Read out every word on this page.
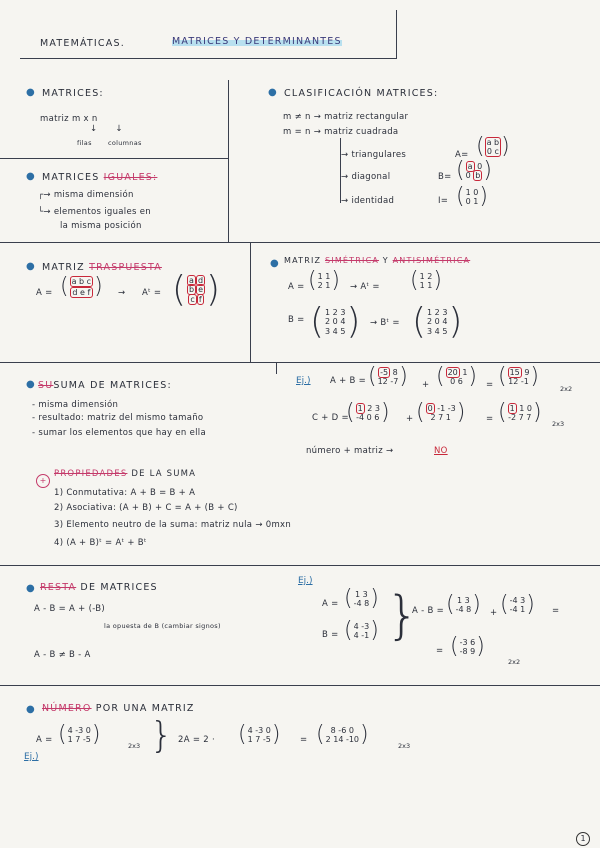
MATEMÁTICAS.	MATRICES Y DETERMINANTES
● MATRICES:
matriz m x n
↓      ↓
filas columnas
● CLASIFICACIÓN MATRICES:
m ≠ n → matriz rectangular
m = n → matriz cuadrada
→ triangulares	A= ( a b
0 c )
→ diagonal	B= ( a 0
0 b )
→ identidad	I= ( 1 0
0 1 )
● MATRICES IGUALES:
┌→ misma dimensión
└→ elementos iguales en
la misma posición
● MATRIZ TRASPUESTA
A = ( a b c
d e f ) → Aᵗ = ( a d
b e
c f )
● MATRIZ SIMÉTRICA Y ANTISIMÉTRICA
A = ( 1 1
2 1 ) → Aᵗ = ( 1 2
1 1 )
B = ( 1 2 3
2 0 4
3 4 5 ) → Bᵗ = ( 1 2 3
2 0 4
3 4 5 )
● SUSUMA DE MATRICES:
- misma dimensión
- resultado: matriz del mismo tamaño
- sumar los elementos que hay en ella
Ej.) A + B = ( -5 8
12 -7 ) + ( 20 1
0 6 ) = ( 15 9
12 -1 )	2x2
C + D =
( 1 2 3
-4 0 6 ) + ( 0 -1 -3
2 7 1 ) = ( 1 1 0
-2 7 7 ) 2x3
número + matriz →	NO
+
PROPIEDADES DE LA SUMA
1) Conmutativa: A + B = B + A
2) Asociativa: (A + B) + C = A + (B + C)
3) Elemento neutro de la suma: matriz nula → 0mxn
4) (A + B)ᵗ = Aᵗ + Bᵗ
● RESTA DE MATRICES
A - B = A + (-B)
la opuesta de B (cambiar signos)
A - B ≠ B - A
Ej.)
A = ( 1 3
-4 8 )
B = ( 4 -3
4 -1 ) }
A - B = ( 1 3
-4 8 ) + ( -4 3
-4 1 ) =
= ( -3 6
-8 9 )
2x2
● NÚMERO POR UNA MATRIZ
A = ( 4 -3 0
1 7 -5 )	2x3 } 2A = 2 · ( 4 -3 0
1 7 -5 ) = ( 8 -6 0
2 14 -10 )	2x3
Ej.)
1
